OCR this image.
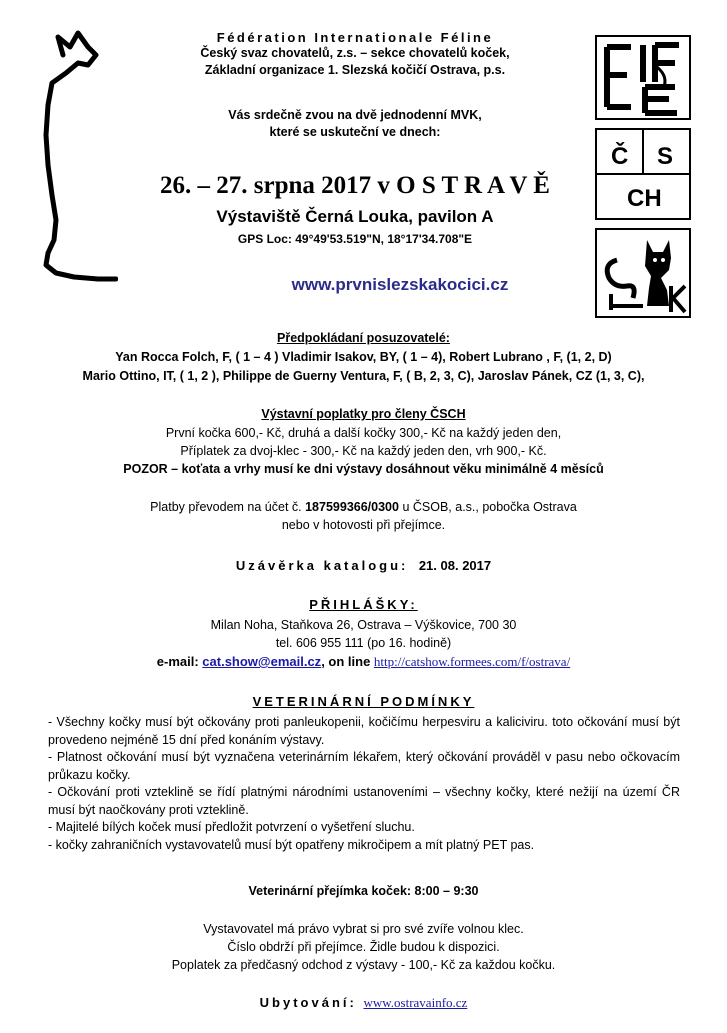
Č S
CH
Fédération Internationale Féline
Český svaz chovatelů, z.s. – sekce chovatelů koček,
Základní organizace 1. Slezská kočičí Ostrava, p.s.
Vás srdečně zvou na dvě jednodenní MVK,
které se uskuteční ve dnech:
26. – 27. srpna 2017 v O S T R A V Ě
Výstaviště Černá Louka, pavilon A
GPS Loc: 49°49'53.519"N, 18°17'34.708"E
www.prvnislezskakocici.cz
Předpokládaní posuzovatelé:
Yan Rocca Folch, F, ( 1 – 4 ) Vladimir Isakov, BY, ( 1 – 4), Robert Lubrano , F, (1, 2, D)
Mario Ottino, IT, ( 1, 2 ), Philippe de Guerny Ventura, F, ( B, 2, 3, C), Jaroslav Pánek, CZ (1, 3, C),
Výstavní poplatky pro členy ČSCH
První kočka 600,- Kč, druhá a další kočky 300,- Kč na každý jeden den,
Příplatek za dvoj-klec - 300,- Kč na každý jeden den, vrh 900,- Kč.
POZOR – koťata a vrhy musí ke dni výstavy dosáhnout věku minimálně 4 měsíců
Platby převodem na účet č. 187599366/0300 u ČSOB, a.s., pobočka Ostrava
nebo v hotovosti při přejímce.
Uzávěrka katalogu: 21. 08. 2017
PŘIHLÁŠKY:
Milan Noha, Staňkova 26, Ostrava – Výškovice, 700 30
tel. 606 955 111 (po 16. hodině)
e-mail: cat.show@email.cz, on line http://catshow.formees.com/f/ostrava/
VETERINÁRNÍ PODMÍNKY
- Všechny kočky musí být očkovány proti panleukopenii, kočičímu herpesviru a kaliciviru. toto očkování musí být provedeno nejméně 15 dní před konáním výstavy.
- Platnost očkování musí být vyznačena veterinárním lékařem, který očkování prováděl v pasu nebo očkovacím průkazu kočky.
- Očkování proti vzteklině se řídí platnými národními ustanoveními – všechny kočky, které nežijí na území ČR musí být naočkovány proti vzteklině.
- Majitelé bílých koček musí předložit potvrzení o vyšetření sluchu.
- kočky zahraničních vystavovatelů musí být opatřeny mikročipem a mít platný PET pas.
Veterinární přejímka koček: 8:00 – 9:30
Vystavovatel má právo vybrat si pro své zvíře volnou klec.
Číslo obdrží při přejímce. Židle budou k dispozici.
Poplatek za předčasný odchod z výstavy - 100,- Kč za každou kočku.
Ubytování: www.ostravainfo.cz
